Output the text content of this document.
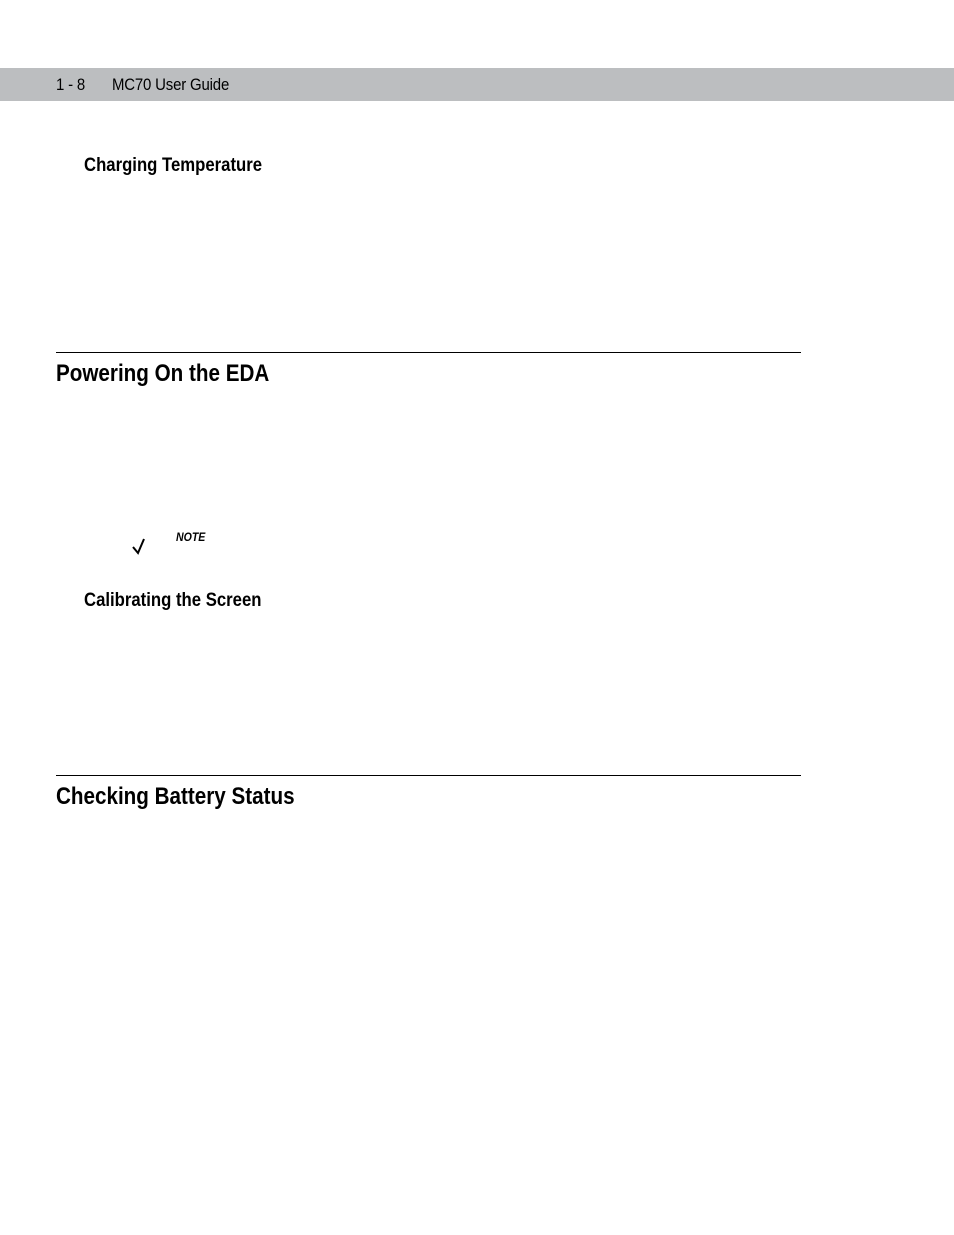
1 - 8 MC70 User Guide
Charging Temperature
Powering On the EDA
NOTE
Calibrating the Screen
Checking Battery Status
